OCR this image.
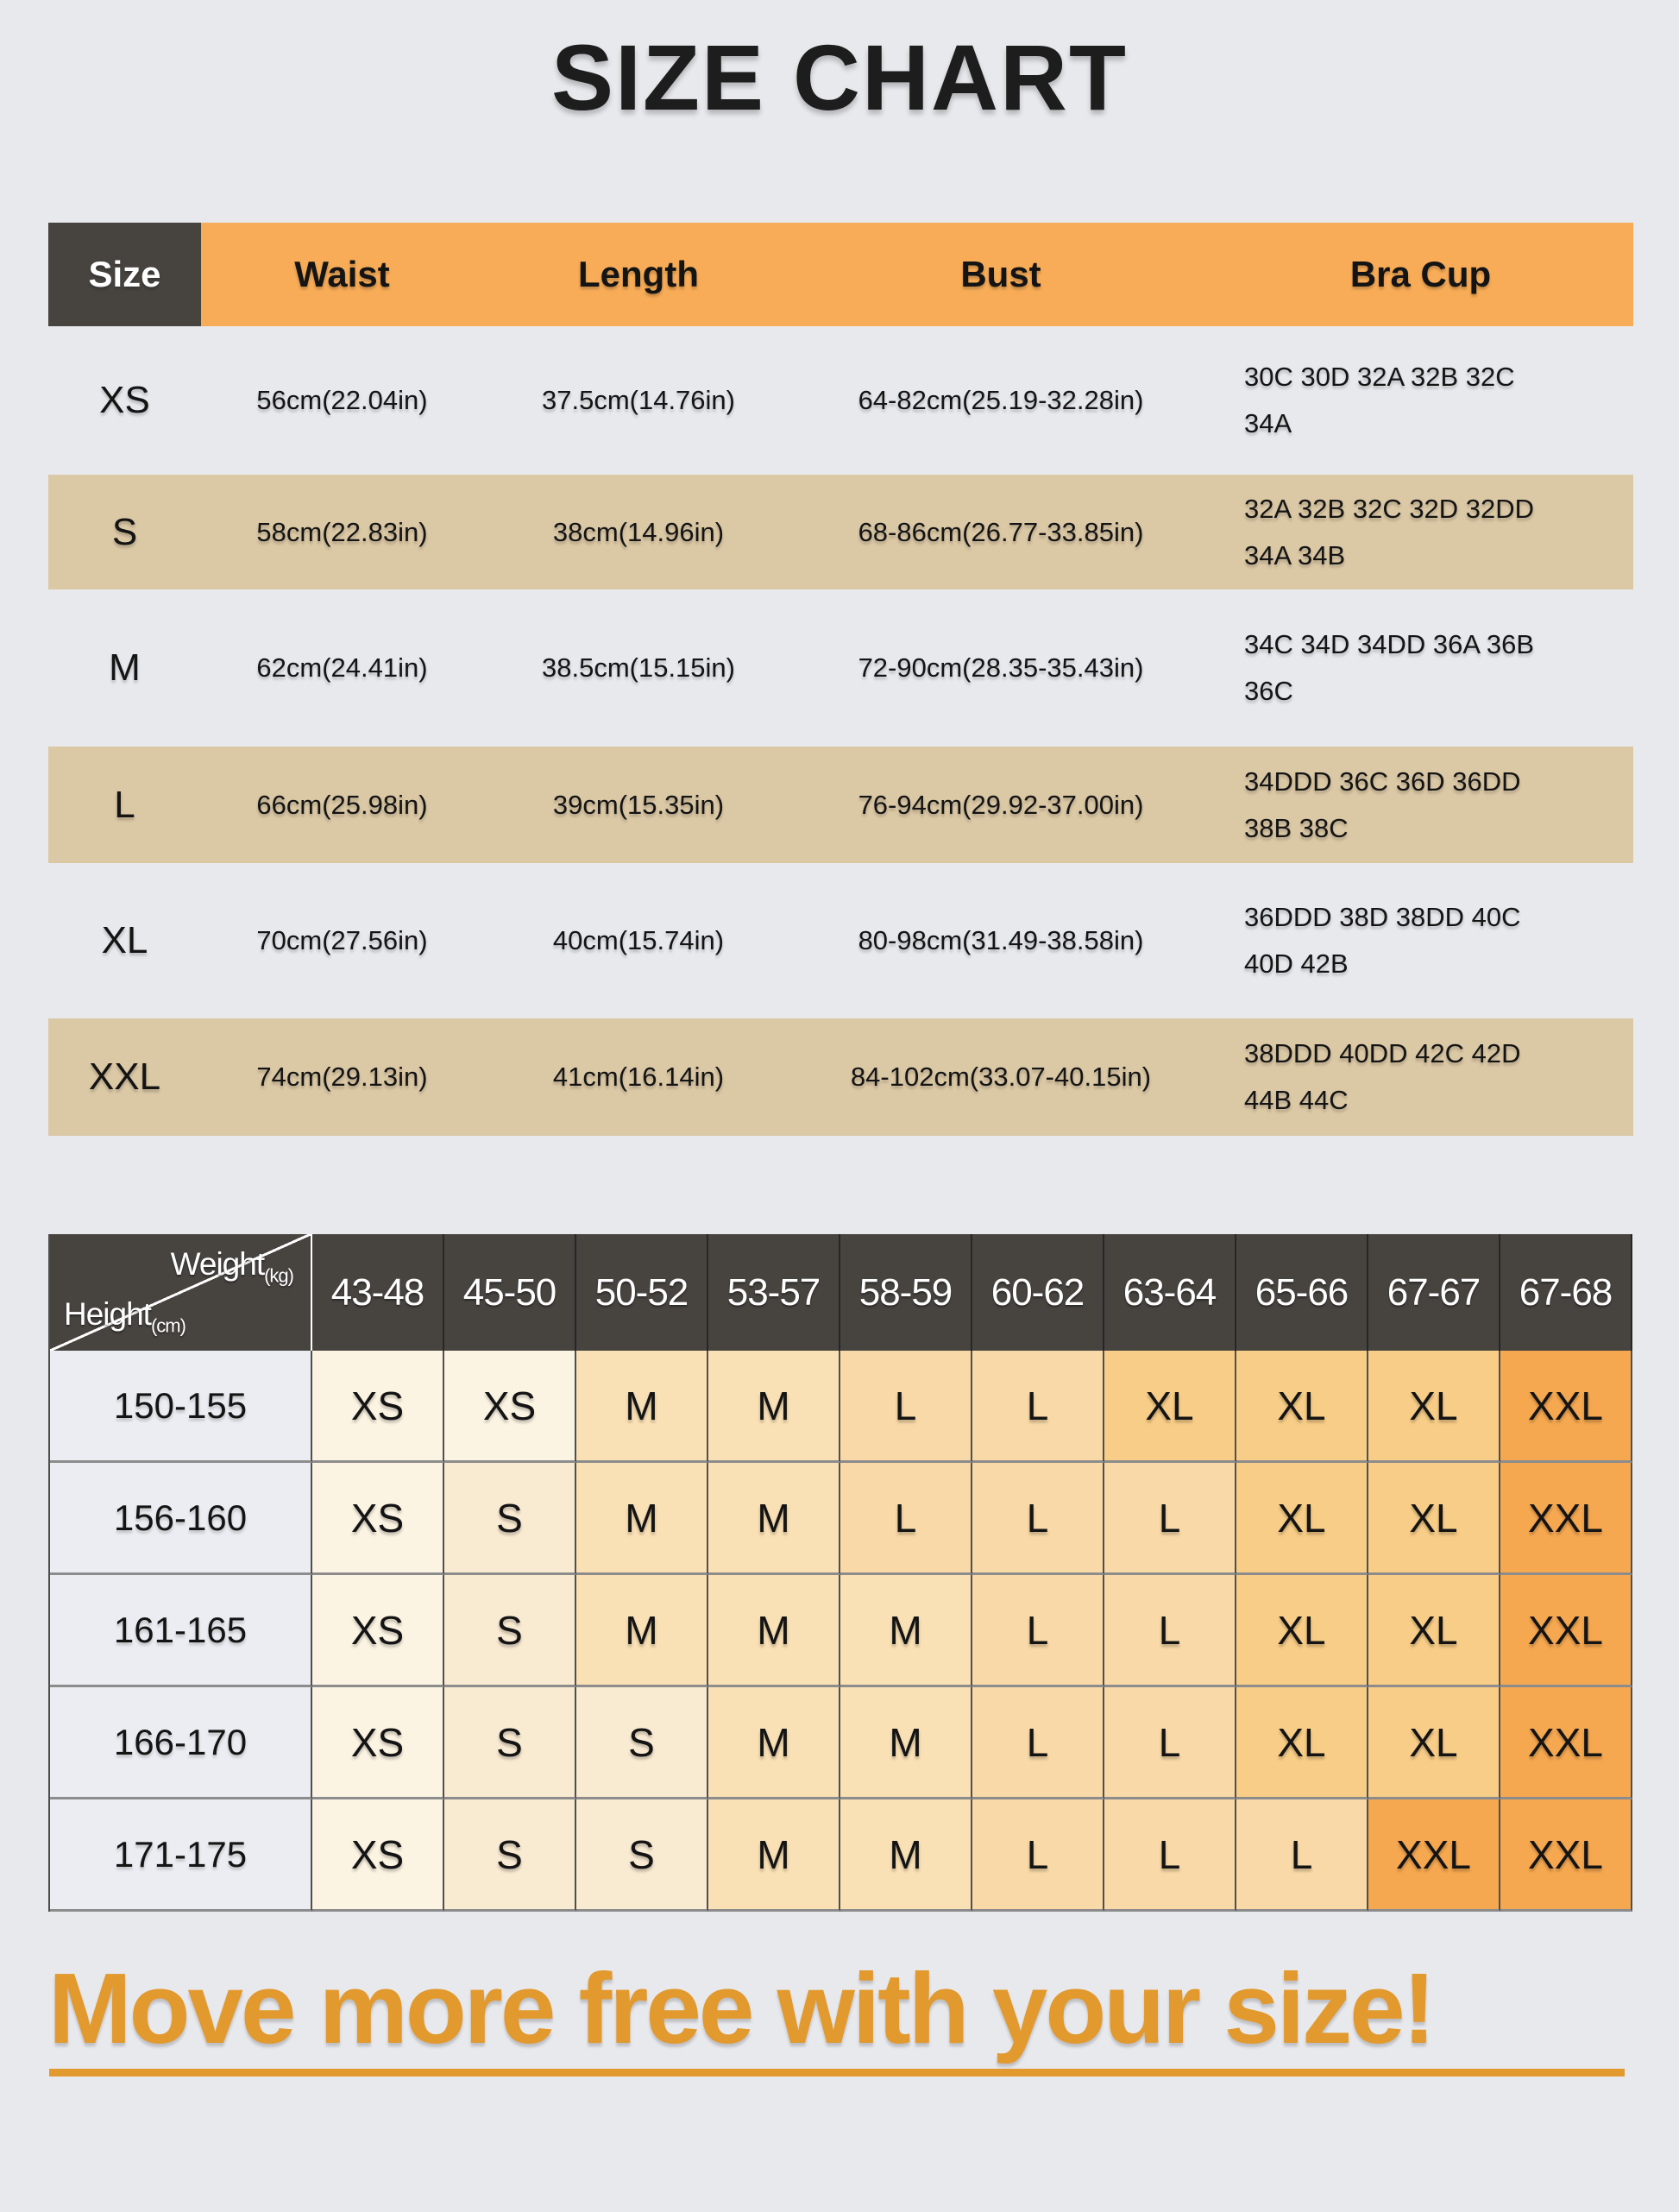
SIZE CHART
Size	Waist	Length	Bust	Bra Cup
XS	56cm(22.04in)	37.5cm(14.76in)	64-82cm(25.19-32.28in)
30C 30D 32A 32B 32C
34A
S	58cm(22.83in)	38cm(14.96in)	68-86cm(26.77-33.85in)
32A 32B 32C 32D 32DD
34A 34B
M	62cm(24.41in)	38.5cm(15.15in)	72-90cm(28.35-35.43in)
34C 34D 34DD 36A 36B
36C
L	66cm(25.98in)	39cm(15.35in)	76-94cm(29.92-37.00in)
34DDD 36C 36D 36DD
38B 38C
XL	70cm(27.56in)	40cm(15.74in)	80-98cm(31.49-38.58in)
36DDD 38D 38DD 40C
40D 42B
XXL	74cm(29.13in)	41cm(16.14in)	84-102cm(33.07-40.15in)
38DDD 40DD 42C 42D
44B 44C
Weight$_{(kg)}$
Height$_{(cm)}$
43-48	45-50	50-52	53-57	58-59	60-62	63-64	65-66	67-67	67-68
150-155	XS	XS	M	M	L	L	XL	XL	XL	XXL
156-160	XS	S	M	M	L	L	L	XL	XL	XXL
161-165	XS	S	M	M	M	L	L	XL	XL	XXL
166-170	XS	S	S	M	M	L	L	XL	XL	XXL
171-175	XS	S	S	M	M	L	L	L	XXL	XXL
Move more free with your size!
